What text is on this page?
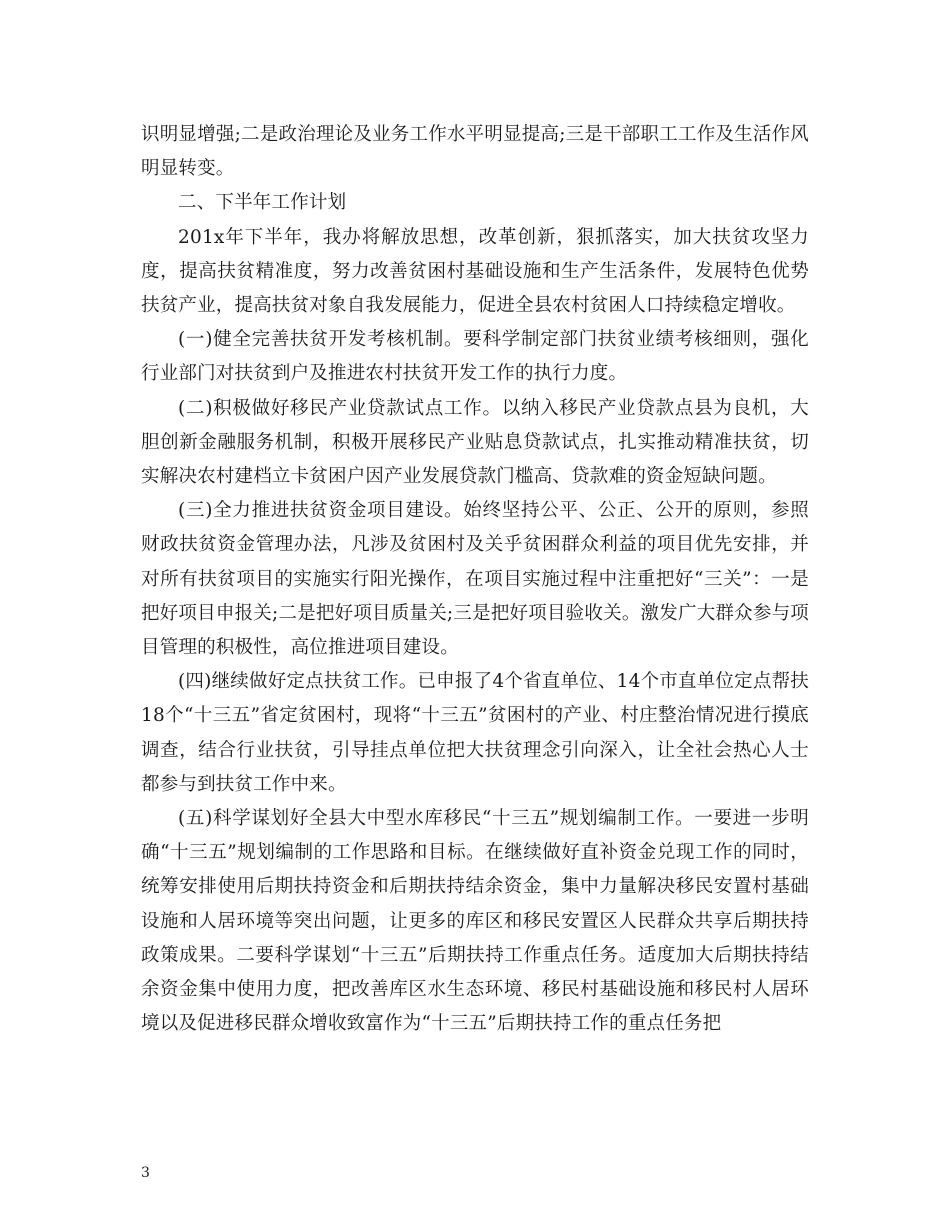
识明显增强;二是政治理论及业务工作水平明显提高;三是干部职工工作及生活作风明显转变。

二、下半年工作计划

201x年下半年，我办将解放思想，改革创新，狠抓落实，加大扶贫攻坚力度，提高扶贫精准度，努力改善贫困村基础设施和生产生活条件，发展特色优势扶贫产业，提高扶贫对象自我发展能力，促进全县农村贫困人口持续稳定增收。

(一)健全完善扶贫开发考核机制。要科学制定部门扶贫业绩考核细则，强化行业部门对扶贫到户及推进农村扶贫开发工作的执行力度。

(二)积极做好移民产业贷款试点工作。以纳入移民产业贷款点县为良机，大胆创新金融服务机制，积极开展移民产业贴息贷款试点，扎实推动精准扶贫，切实解决农村建档立卡贫困户因产业发展贷款门槛高、贷款难的资金短缺问题。

(三)全力推进扶贫资金项目建设。始终坚持公平、公正、公开的原则，参照财政扶贫资金管理办法，凡涉及贫困村及关乎贫困群众利益的项目优先安排，并对所有扶贫项目的实施实行阳光操作，在项目实施过程中注重把好“三关”：一是把好项目申报关;二是把好项目质量关;三是把好项目验收关。激发广大群众参与项目管理的积极性，高位推进项目建设。

(四)继续做好定点扶贫工作。已申报了4个省直单位、14个市直单位定点帮扶18个“十三五”省定贫困村，现将“十三五”贫困村的产业、村庄整治情况进行摸底调查，结合行业扶贫，引导挂点单位把大扶贫理念引向深入，让全社会热心人士都参与到扶贫工作中来。

(五)科学谋划好全县大中型水库移民“十三五”规划编制工作。一要进一步明确“十三五”规划编制的工作思路和目标。在继续做好直补资金兑现工作的同时，统筹安排使用后期扶持资金和后期扶持结余资金，集中力量解决移民安置村基础设施和人居环境等突出问题，让更多的库区和移民安置区人民群众共享后期扶持政策成果。二要科学谋划“十三五”后期扶持工作重点任务。适度加大后期扶持结余资金集中使用力度，把改善库区水生态环境、移民村基础设施和移民村人居环境以及促进移民群众增收致富作为“十三五”后期扶持工作的重点任务把

3
